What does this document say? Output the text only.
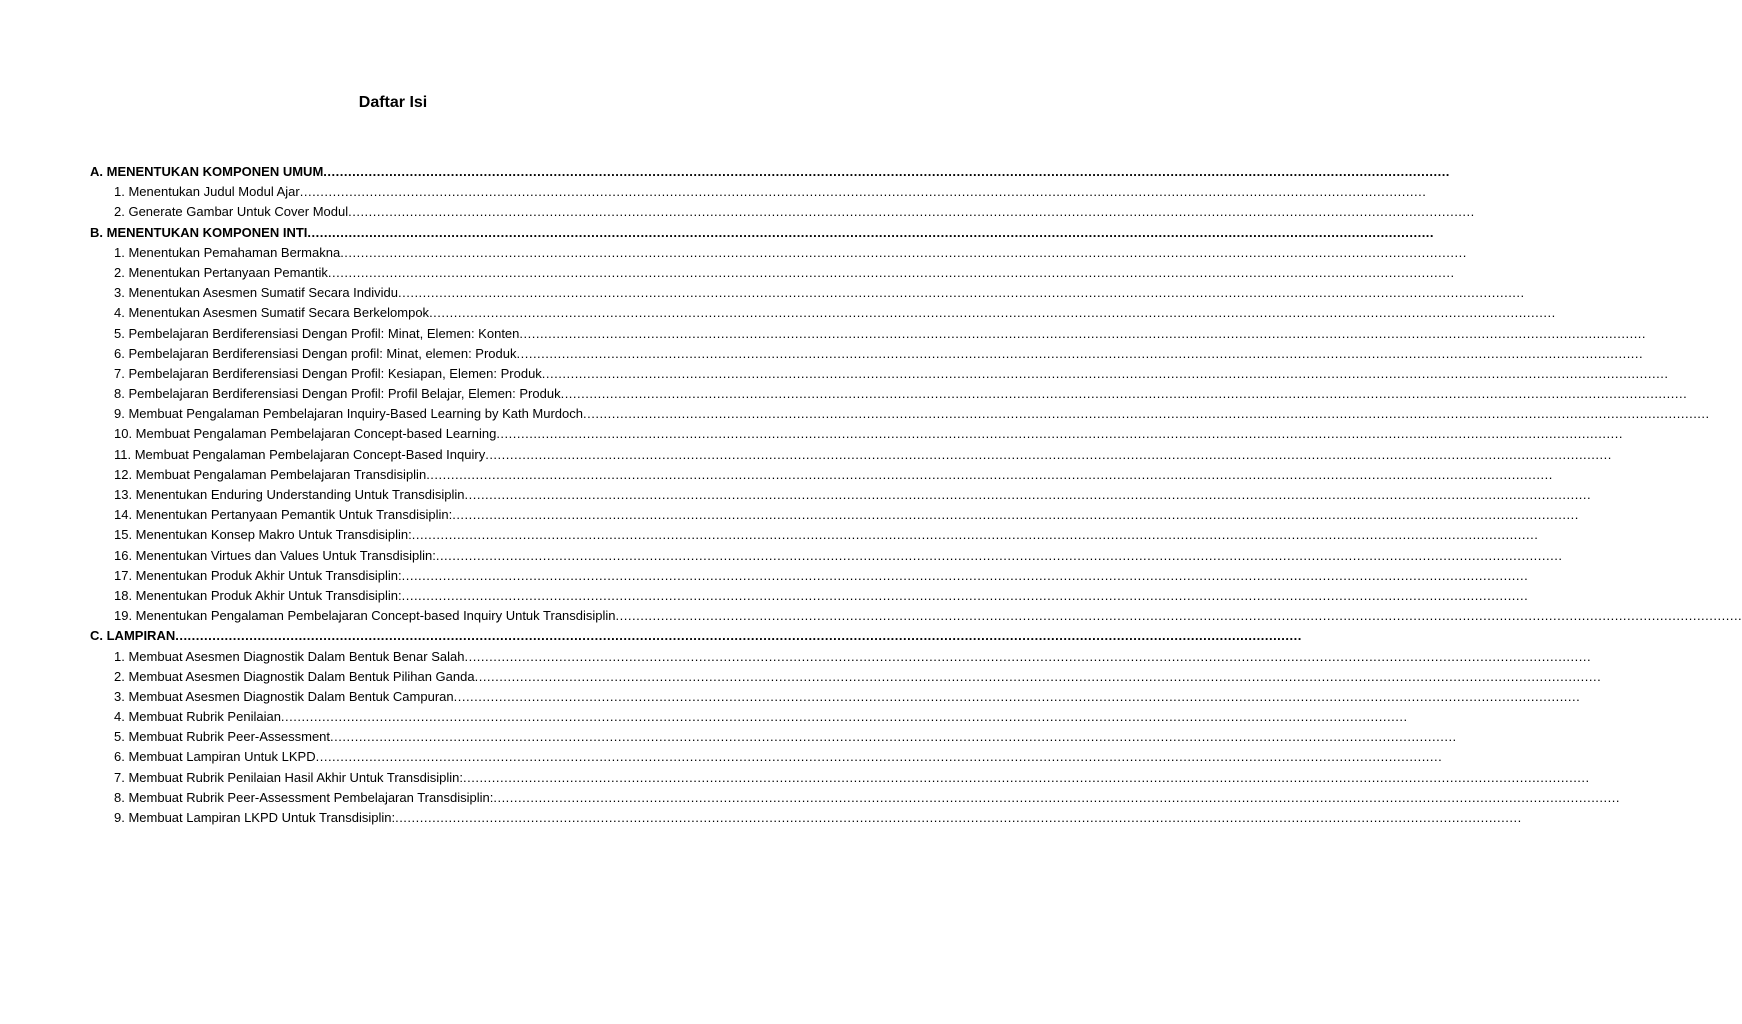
Daftar Isi
A. MENENTUKAN KOMPONEN UMUM..................................................................................................................................................................................................................................................................................
1. Menentukan Judul Modul Ajar..................................................................................................................................................................................................................................................................................
2. Generate Gambar Untuk Cover Modul..................................................................................................................................................................................................................................................................................
B. MENENTUKAN KOMPONEN INTI..................................................................................................................................................................................................................................................................................
1. Menentukan Pemahaman Bermakna..................................................................................................................................................................................................................................................................................
2. Menentukan Pertanyaan Pemantik..................................................................................................................................................................................................................................................................................
3. Menentukan Asesmen Sumatif Secara Individu..................................................................................................................................................................................................................................................................................
4. Menentukan Asesmen Sumatif Secara Berkelompok..................................................................................................................................................................................................................................................................................
5. Pembelajaran Berdiferensiasi Dengan Profil: Minat, Elemen: Konten..................................................................................................................................................................................................................................................................................
6. Pembelajaran Berdiferensiasi Dengan profil: Minat, elemen: Produk..................................................................................................................................................................................................................................................................................
7. Pembelajaran Berdiferensiasi Dengan Profil: Kesiapan, Elemen: Produk..................................................................................................................................................................................................................................................................................
8. Pembelajaran Berdiferensiasi Dengan Profil: Profil Belajar, Elemen: Produk..................................................................................................................................................................................................................................................................................
9. Membuat Pengalaman Pembelajaran Inquiry-Based Learning by Kath Murdoch..................................................................................................................................................................................................................................................................................
10. Membuat Pengalaman Pembelajaran Concept-based Learning..................................................................................................................................................................................................................................................................................
11. Membuat Pengalaman Pembelajaran Concept-Based Inquiry..................................................................................................................................................................................................................................................................................
12. Membuat Pengalaman Pembelajaran Transdisiplin..................................................................................................................................................................................................................................................................................
13. Menentukan Enduring Understanding Untuk Transdisiplin..................................................................................................................................................................................................................................................................................
14. Menentukan Pertanyaan Pemantik Untuk Transdisiplin:..................................................................................................................................................................................................................................................................................
15. Menentukan Konsep Makro Untuk Transdisiplin:..................................................................................................................................................................................................................................................................................
16. Menentukan Virtues dan Values Untuk Transdisiplin:..................................................................................................................................................................................................................................................................................
17. Menentukan Produk Akhir Untuk Transdisiplin:..................................................................................................................................................................................................................................................................................
18. Menentukan Produk Akhir Untuk Transdisiplin:..................................................................................................................................................................................................................................................................................
19. Menentukan Pengalaman Pembelajaran Concept-based Inquiry Untuk Transdisiplin..................................................................................................................................................................................................................................................................................
C. LAMPIRAN..................................................................................................................................................................................................................................................................................
1. Membuat Asesmen Diagnostik Dalam Bentuk Benar Salah..................................................................................................................................................................................................................................................................................
2. Membuat Asesmen Diagnostik Dalam Bentuk Pilihan Ganda..................................................................................................................................................................................................................................................................................
3. Membuat Asesmen Diagnostik Dalam Bentuk Campuran..................................................................................................................................................................................................................................................................................
4. Membuat Rubrik Penilaian..................................................................................................................................................................................................................................................................................
5. Membuat Rubrik Peer-Assessment..................................................................................................................................................................................................................................................................................
6. Membuat Lampiran Untuk LKPD..................................................................................................................................................................................................................................................................................
7. Membuat Rubrik Penilaian Hasil Akhir Untuk Transdisiplin:..................................................................................................................................................................................................................................................................................
8. Membuat Rubrik Peer-Assessment Pembelajaran Transdisiplin:..................................................................................................................................................................................................................................................................................
9. Membuat Lampiran LKPD Untuk Transdisiplin:..................................................................................................................................................................................................................................................................................
